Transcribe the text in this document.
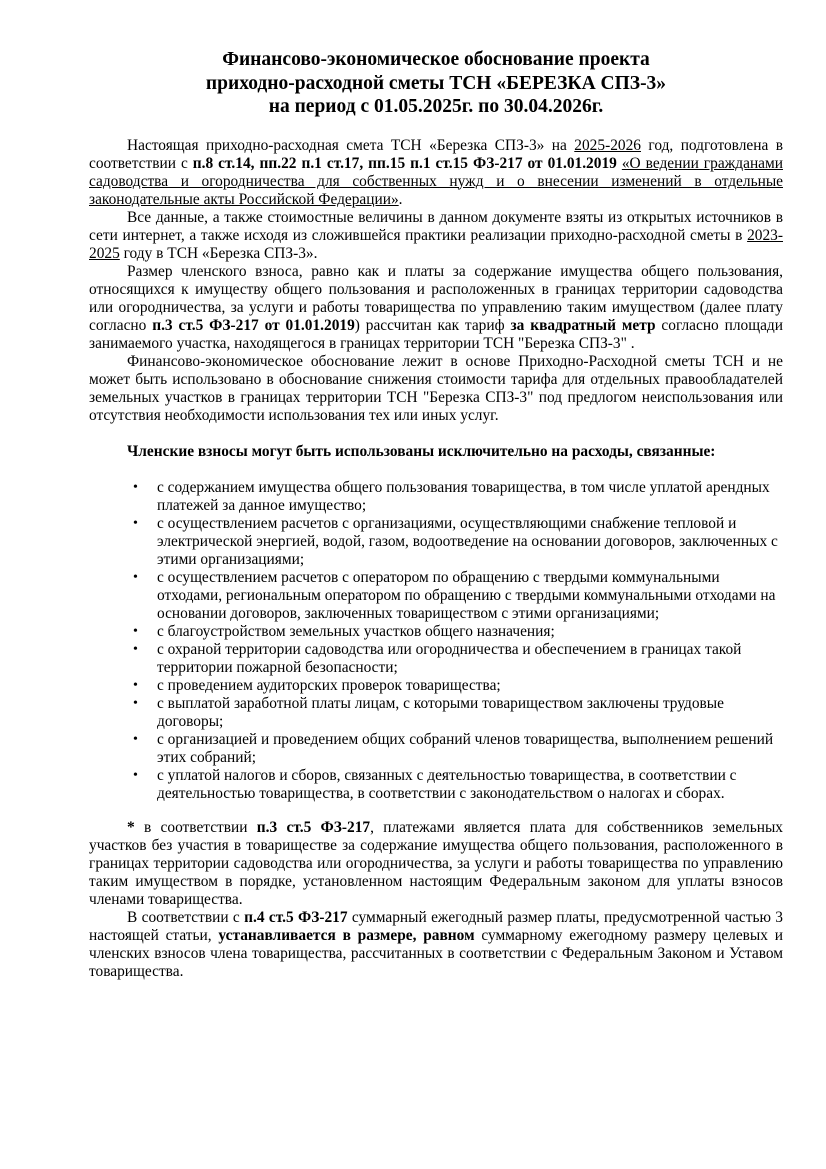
Финансово-экономическое обоснование проекта
приходно-расходной сметы ТСН «БЕРЕЗКА СПЗ-3»
на период с 01.05.2025г. по 30.04.2026г.

Настоящая приходно-расходная смета ТСН «Березка СПЗ-3» на 2025-2026 год, подготовлена в соответствии с п.8 ст.14, пп.22 п.1 ст.17, пп.15 п.1 ст.15 ФЗ-217 от 01.01.2019 «О ведении гражданами садоводства и огородничества для собственных нужд и о внесении изменений в отдельные законодательные акты Российской Федерации».

Все данные, а также стоимостные величины в данном документе взяты из открытых источников в сети интернет, а также исходя из сложившейся практики реализации приходно-расходной сметы в 2023-2025 году в ТСН «Березка СПЗ-3».

Размер членского взноса, равно как и платы за содержание имущества общего пользования, относящихся к имуществу общего пользования и расположенных в границах территории садоводства или огородничества, за услуги и работы товарищества по управлению таким имуществом (далее плату согласно п.3 ст.5 ФЗ-217 от 01.01.2019) рассчитан как тариф за квадратный метр согласно площади занимаемого участка, находящегося в границах территории ТСН "Березка СПЗ-3" .

Финансово-экономическое обоснование лежит в основе Приходно-Расходной сметы ТСН и не может быть использовано в обоснование снижения стоимости тарифа для отдельных правообладателей земельных участков в границах территории ТСН "Березка СПЗ-3" под предлогом неиспользования или отсутствия необходимости использования тех или иных услуг.

Членские взносы могут быть использованы исключительно на расходы, связанные:
• с содержанием имущества общего пользования товарищества, в том числе уплатой арендных платежей за данное имущество;
• с осуществлением расчетов с организациями, осуществляющими снабжение тепловой и электрической энергией, водой, газом, водоотведение на основании договоров, заключенных с этими организациями;
• с осуществлением расчетов с оператором по обращению с твердыми коммунальными отходами, региональным оператором по обращению с твердыми коммунальными отходами на основании договоров, заключенных товариществом с этими организациями;
• с благоустройством земельных участков общего назначения;
• с охраной территории садоводства или огородничества и обеспечением в границах такой территории пожарной безопасности;
• с проведением аудиторских проверок товарищества;
• с выплатой заработной платы лицам, с которыми товариществом заключены трудовые договоры;
• с организацией и проведением общих собраний членов товарищества, выполнением решений этих собраний;
• с уплатой налогов и сборов, связанных с деятельностью товарищества, в соответствии с деятельностью товарищества, в соответствии с законодательством о налогах и сборах.

* в соответствии п.3 ст.5 ФЗ-217, платежами является плата для собственников земельных участков без участия в товариществе за содержание имущества общего пользования, расположенного в границах территории садоводства или огородничества, за услуги и работы товарищества по управлению таким имуществом в порядке, установленном настоящим Федеральным законом для уплаты взносов членами товарищества.

В соответствии с п.4 ст.5 ФЗ-217 суммарный ежегодный размер платы, предусмотренной частью 3 настоящей статьи, устанавливается в размере, равном суммарному ежегодному размеру целевых и членских взносов члена товарищества, рассчитанных в соответствии с Федеральным Законом и Уставом товарищества.
